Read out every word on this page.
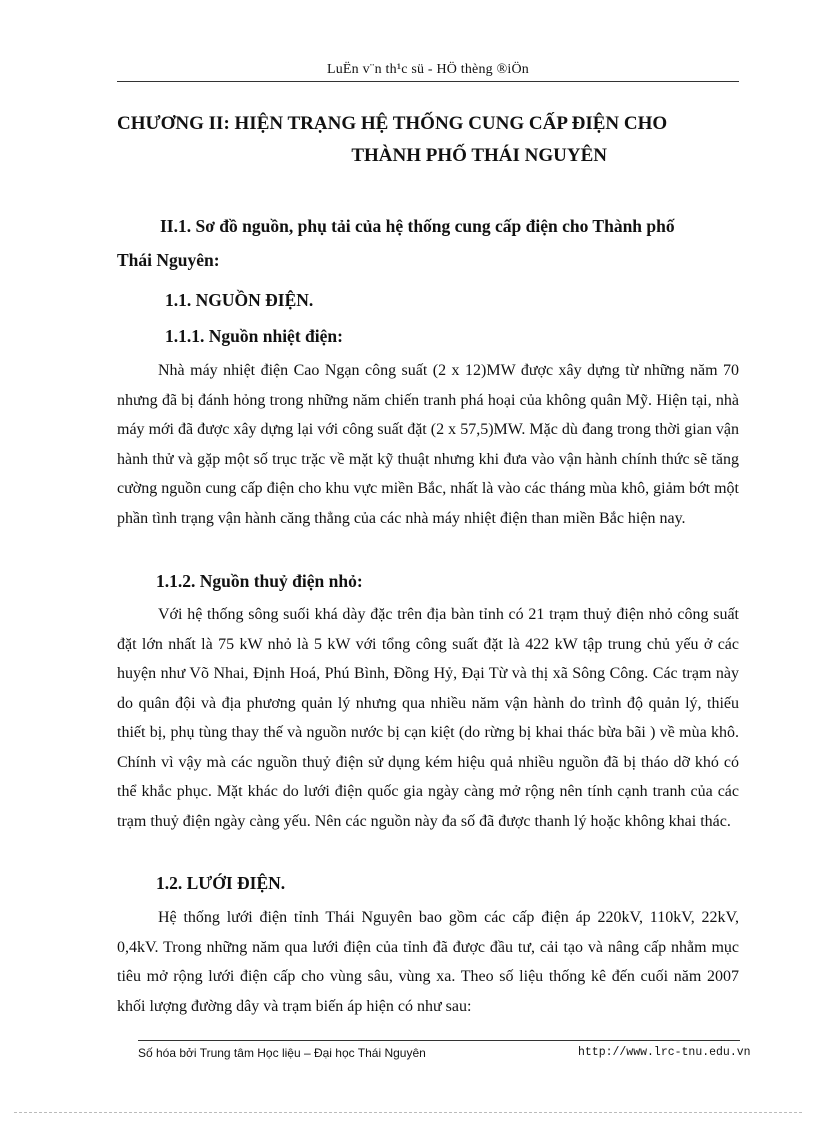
LuËn v¨n th¹c sü - HÖ thèng ®iÖn
CHƯƠNG II: HIỆN TRẠNG HỆ THỐNG CUNG CẤP ĐIỆN CHO
THÀNH PHỐ THÁI NGUYÊN
II.1. Sơ đồ nguồn, phụ tải của hệ thống cung cấp điện cho Thành phố
Thái Nguyên:
1.1. NGUỒN ĐIỆN.
1.1.1. Nguồn nhiệt điện:

Nhà máy nhiệt điện Cao Ngạn công suất (2 x 12)MW được xây dựng từ những năm 70 nhưng đã bị đánh hỏng trong những năm chiến tranh phá hoại của không quân Mỹ. Hiện tại, nhà máy mới đã được xây dựng lại với công suất đặt (2 x 57,5)MW. Mặc dù đang trong thời gian vận hành thử và gặp một số trục trặc về mặt kỹ thuật nhưng khi đưa vào vận hành chính thức sẽ tăng cường nguồn cung cấp điện cho khu vực miền Bắc, nhất là vào các tháng mùa khô, giảm bớt một phần tình trạng vận hành căng thẳng của các nhà máy nhiệt điện than miền Bắc hiện nay.

1.1.2. Nguồn thuỷ điện nhỏ:

Với hệ thống sông suối khá dày đặc trên địa bàn tỉnh có 21 trạm thuỷ điện nhỏ công suất đặt lớn nhất là 75 kW nhỏ là 5 kW với tổng công suất đặt là 422 kW tập trung chủ yếu ở các huyện như Võ Nhai, Định Hoá, Phú Bình, Đồng Hỷ, Đại Từ và thị xã Sông Công. Các trạm này do quân đội và địa phương quản lý nhưng qua nhiều năm vận hành do trình độ quản lý, thiếu thiết bị, phụ tùng thay thế và nguồn nước bị cạn kiệt (do rừng bị khai thác bừa bãi ) về mùa khô. Chính vì vậy mà các nguồn thuỷ điện sử dụng kém hiệu quả nhiều nguồn đã bị tháo dỡ khó có thể khắc phục. Mặt khác do lưới điện quốc gia ngày càng mở rộng nên tính cạnh tranh của các trạm thuỷ điện ngày càng yếu. Nên các nguồn này đa số đã được thanh lý hoặc không khai thác.

1.2. LƯỚI ĐIỆN.

Hệ thống lưới điện tỉnh Thái Nguyên bao gồm các cấp điện áp 220kV, 110kV, 22kV, 0,4kV. Trong những năm qua lưới điện của tỉnh đã được đầu tư, cải tạo và nâng cấp nhằm mục tiêu mở rộng lưới điện cấp cho vùng sâu, vùng xa. Theo số liệu thống kê đến cuối năm 2007 khối lượng đường dây và trạm biến áp hiện có như sau:

Số hóa bởi Trung tâm Học liệu – Đại học Thái Nguyên	http://www.lrc-tnu.edu.vn
